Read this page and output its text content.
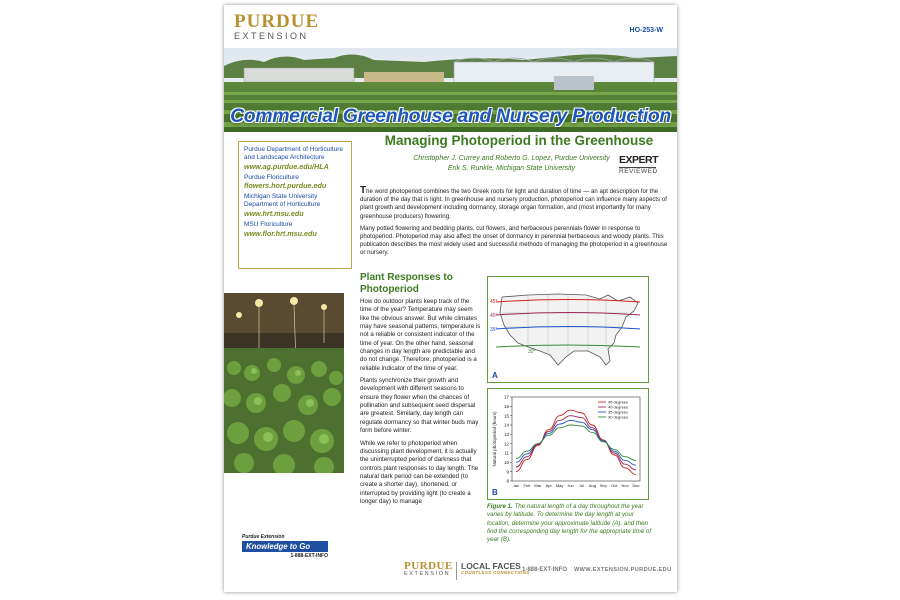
PURDUE
EXTENSION
HO-253-W
Commercial Greenhouse and Nursery Production
Purdue Department of Horticulture and Landscape Architecture
www.ag.purdue.edu/HLA
Purdue Floriculture
flowers.hort.purdue.edu
Michigan State University Department of Horticulture
www.hrt.msu.edu
MSU Floriculture
www.flor.hrt.msu.edu
Purdue Extension
Knowledge to Go
1-888-EXT-INFO
Managing Photoperiod in the Greenhouse
Christopher J. Currey and Roberto G. Lopez, Purdue University
Erik S. Runkle, Michigan State University
EXPERT
REVIEWED

The word photoperiod combines the two Greek roots for light and duration of time — an apt description for the duration of the day that is light. In greenhouse and nursery production, photoperiod can influence many aspects of plant growth and development including dormancy, storage organ formation, and (most importantly for many greenhouse producers) flowering.

Many potted flowering and bedding plants, cut flowers, and herbaceous perennials flower in response to photoperiod. Photoperiod may also affect the onset of dormancy in perennial herbaceous and woody plants. This publication describes the most widely used and successful methods of managing the photoperiod in a greenhouse or nursery.

Plant Responses to Photoperiod

How do outdoor plants keep track of the time of the year? Temperature may seem like the obvious answer. But while climates may have seasonal patterns, temperature is not a reliable or consistent indicator of the time of year. On the other hand, seasonal changes in day length are predictable and do not change. Therefore, photoperiod is a reliable indicator of the time of year.

Plants synchronize their growth and development with different seasons to ensure they flower when the chances of pollination and subsequent seed dispersal are greatest. Similarly, day length can regulate dormancy so that winter buds may form before winter.

While we refer to photoperiod when discussing plant development, it is actually the uninterrupted period of darkness that controls plant responses to day length. The natural dark period can be extended (to create a shorter day), shortened, or interrupted by providing light (to create a longer day) to manage

45°
40°
35°
30°
A
8
9
10
11
12
13
14
15
16
17
Jan Feb Mar Apr May Jun Jul Aug Sep Oct Nov Dec
Natural photoperiod (hours)
45 degrees
40 degrees
35 degrees
30 degrees
B
Figure 1. The natural length of a day throughout the year varies by latitude. To determine the day length at your location, determine your approximate latitude (A), and then find the corresponding day length for the appropriate time of year (B).
PURDUE
EXTENSION
LOCAL FACES
COUNTLESS CONNECTIONS
1-888-EXT-INFO WWW.EXTENSION.PURDUE.EDU
